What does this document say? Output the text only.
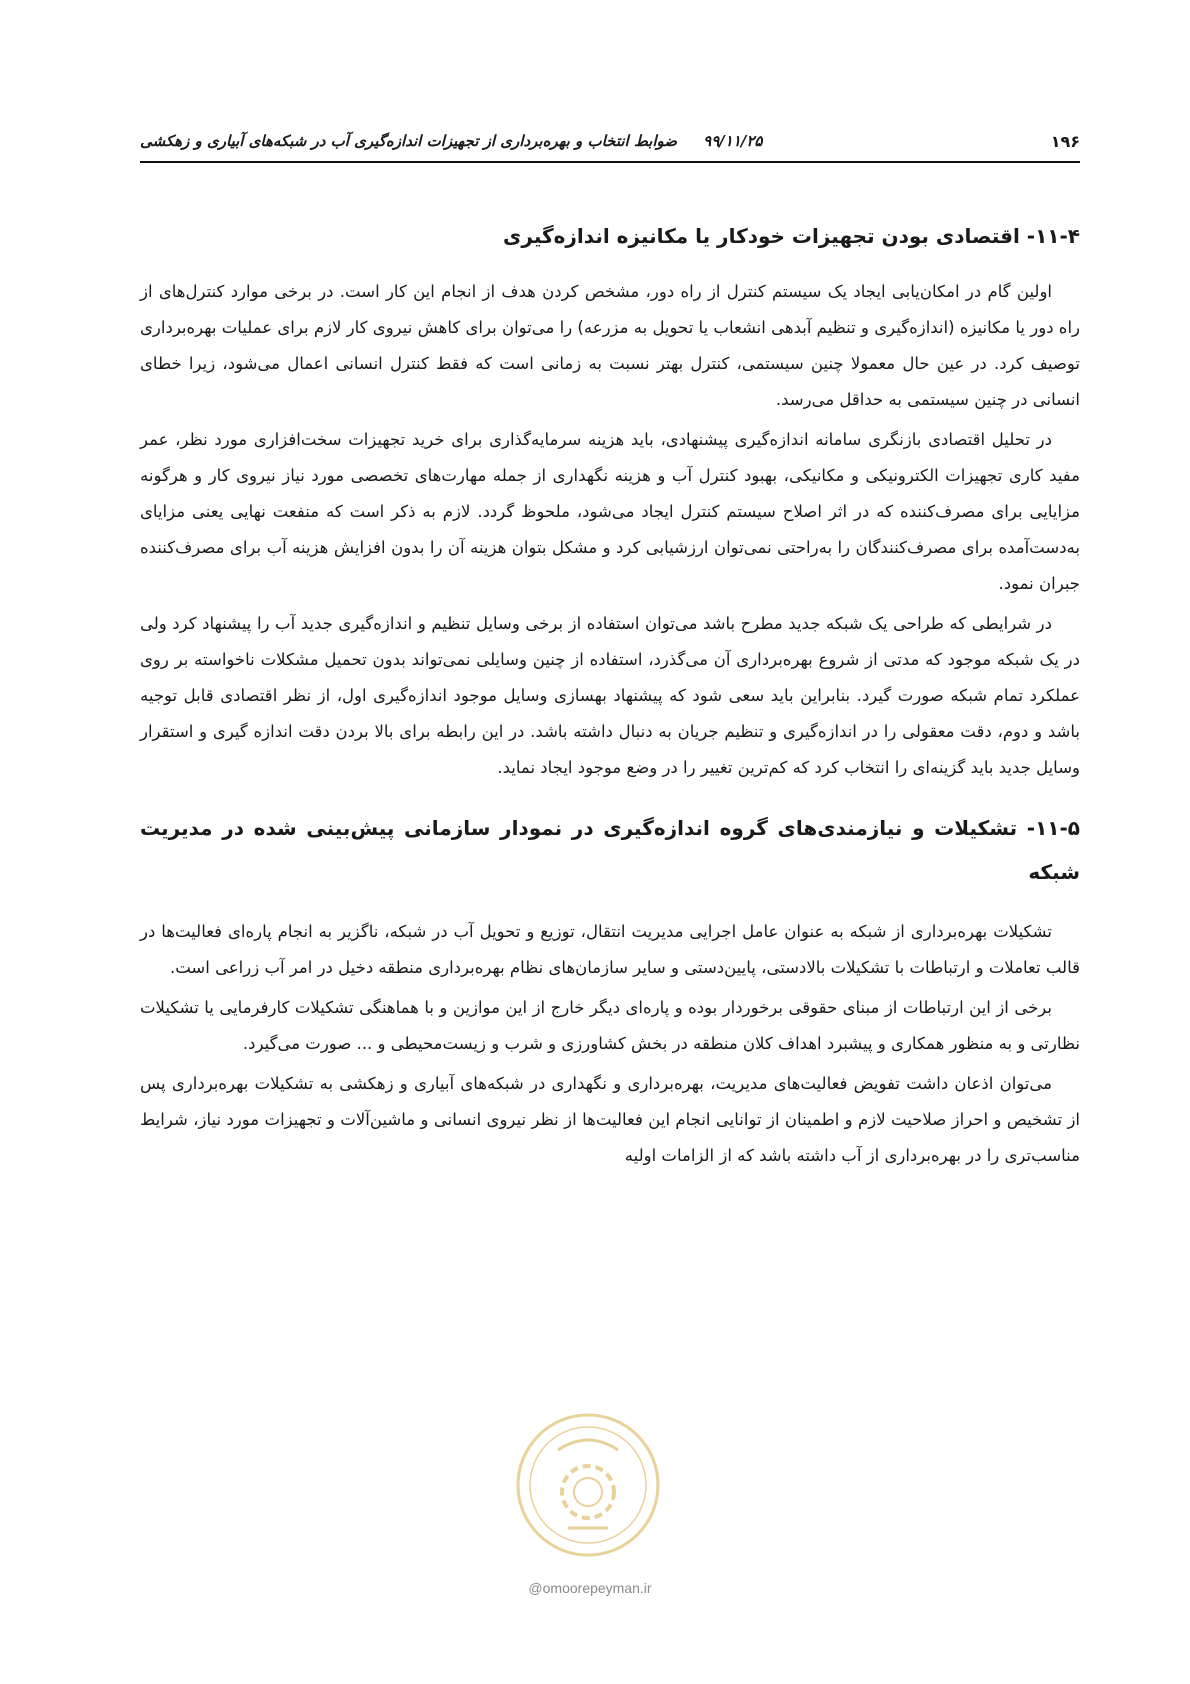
۱۹۶
۹۹/۱۱/۲۵     ضوابط انتخاب و بهره‌برداری از تجهیزات اندازه‌گیری آب در شبکه‌های آبیاری و زهکشی
۱۱-۴- اقتصادی بودن تجهیزات خودکار یا مکانیزه اندازه‌گیری

اولین گام در امکان‌یابی ایجاد یک سیستم کنترل از راه دور، مشخص کردن هدف از انجام این کار است. در برخی موارد کنترل‌های از راه دور یا مکانیزه (اندازه‌گیری و تنظیم آبدهی انشعاب یا تحویل به مزرعه) را می‌توان برای کاهش نیروی کار لازم برای عملیات بهره‌برداری توصیف کرد. در عین حال معمولا چنین سیستمی، کنترل بهتر نسبت به زمانی است که فقط کنترل انسانی اعمال می‌شود، زیرا خطای انسانی در چنین سیستمی به حداقل می‌رسد.

در تحلیل اقتصادی بازنگری سامانه اندازه‌گیری پیشنهادی، باید هزینه سرمایه‌گذاری برای خرید تجهیزات سخت‌افزاری مورد نظر، عمر مفید کاری تجهیزات الکترونیکی و مکانیکی، بهبود کنترل آب و هزینه نگهداری از جمله مهارت‌های تخصصی مورد نیاز نیروی کار و هرگونه مزایایی برای مصرف‌کننده که در اثر اصلاح سیستم کنترل ایجاد می‌شود، ملحوظ گردد. لازم به ذکر است که منفعت نهایی یعنی مزایای به‌دست‌آمده برای مصرف‌کنندگان را به‌راحتی نمی‌توان ارزشیابی کرد و مشکل بتوان هزینه آن را بدون افزایش هزینه آب برای مصرف‌کننده جبران نمود.

در شرایطی که طراحی یک شبکه جدید مطرح باشد می‌توان استفاده از برخی وسایل تنظیم و اندازه‌گیری جدید آب را پیشنهاد کرد ولی در یک شبکه موجود که مدتی از شروع بهره‌برداری آن می‌گذرد، استفاده از چنین وسایلی نمی‌تواند بدون تحمیل مشکلات ناخواسته بر روی عملکرد تمام شبکه صورت گیرد. بنابراین باید سعی شود که پیشنهاد بهسازی وسایل موجود اندازه‌گیری اول، از نظر اقتصادی قابل توجیه باشد و دوم، دقت معقولی را در اندازه‌گیری و تنظیم جریان به دنبال داشته باشد. در این رابطه برای بالا بردن دقت اندازه گیری و استقرار وسایل جدید باید گزینه‌ای را انتخاب کرد که کم‌ترین تغییر را در وضع موجود ایجاد نماید.

۱۱-۵- تشکیلات و نیازمندی‌های گروه اندازه‌گیری در نمودار سازمانی پیش‌بینی شده در مدیریت شبکه

تشکیلات بهره‌برداری از شبکه به عنوان عامل اجرایی مدیریت انتقال، توزیع و تحویل آب در شبکه، ناگزیر به انجام پاره‌ای فعالیت‌ها در قالب تعاملات و ارتباطات با تشکیلات بالادستی، پایین‌دستی و سایر سازمان‌های نظام بهره‌برداری منطقه دخیل در امر آب زراعی است.

برخی از این ارتباطات از مبنای حقوقی برخوردار بوده و پاره‌ای دیگر خارج از این موازین و با هماهنگی تشکیلات کارفرمایی یا تشکیلات نظارتی و به منظور همکاری و پیشبرد اهداف کلان منطقه در بخش کشاورزی و شرب و زیست‌محیطی و ... صورت می‌گیرد.

می‌توان اذعان داشت تفویض فعالیت‌های مدیریت، بهره‌برداری و نگهداری در شبکه‌های آبیاری و زهکشی به تشکیلات بهره‌برداری پس از تشخیص و احراز صلاحیت لازم و اطمینان از توانایی انجام این فعالیت‌ها از نظر نیروی انسانی و ماشین‌آلات و تجهیزات مورد نیاز، شرایط مناسب‌تری را در بهره‌برداری از آب داشته باشد که از الزامات اولیه

@omoorepeyman.ir
